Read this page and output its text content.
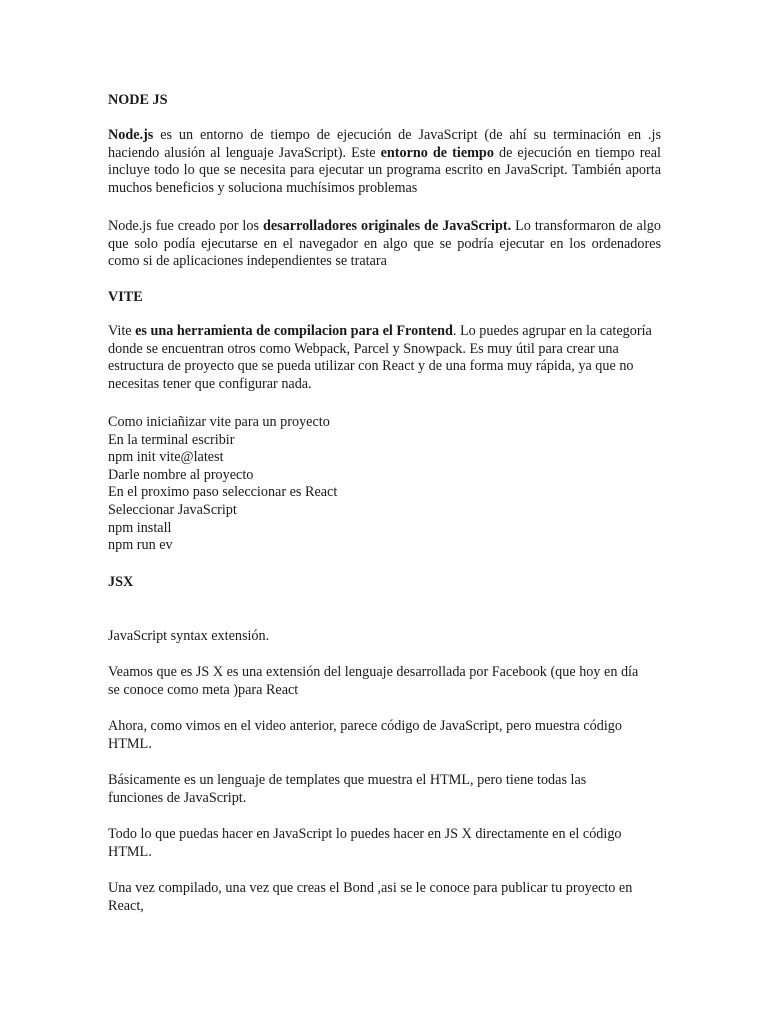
NODE JS

Node.js es un entorno de tiempo de ejecución de JavaScript (de ahí su terminación en .js haciendo alusión al lenguaje JavaScript). Este entorno de tiempo de ejecución en tiempo real incluye todo lo que se necesita para ejecutar un programa escrito en JavaScript. También aporta muchos beneficios y soluciona muchísimos problemas

Node.js fue creado por los desarrolladores originales de JavaScript. Lo transformaron de algo que solo podía ejecutarse en el navegador en algo que se podría ejecutar en los ordenadores como si de aplicaciones independientes se tratara

VITE

Vite es una herramienta de compilacion para el Frontend. Lo puedes agrupar en la categoría donde se encuentran otros como Webpack, Parcel y Snowpack. Es muy útil para crear una estructura de proyecto que se pueda utilizar con React y de una forma muy rápida, ya que no necesitas tener que configurar nada.

Como iniciañizar vite para un proyecto
En la terminal escribir
npm init vite@latest
Darle nombre al proyecto
En el proximo paso seleccionar es React
Seleccionar JavaScript
npm install
npm run ev
JSX

JavaScript syntax extensión.

Veamos que es JS X es una extensión del lenguaje desarrollada por Facebook (que hoy en día se conoce como meta )para React

Ahora, como vimos en el video anterior, parece código de JavaScript, pero muestra código HTML.

Básicamente es un lenguaje de templates que muestra el HTML, pero tiene todas las funciones de JavaScript.

Todo lo que puedas hacer en JavaScript lo puedes hacer en JS X directamente en el código HTML.

Una vez compilado, una vez que creas el Bond ,asi se le conoce para publicar tu proyecto en React,
